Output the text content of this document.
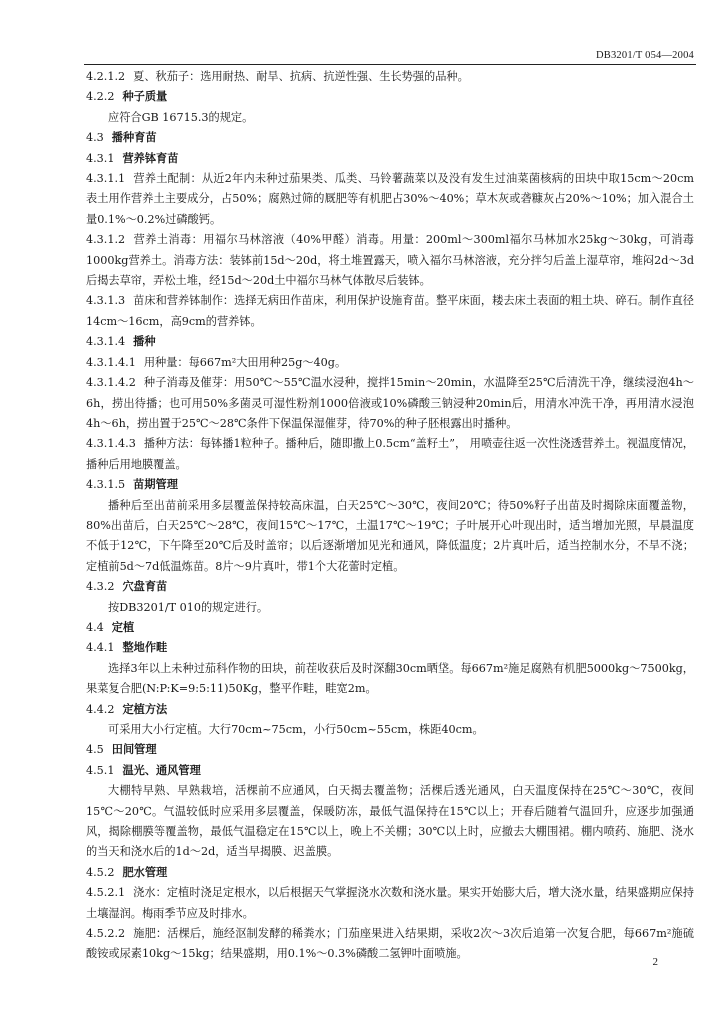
DB3201/T 054—2004

4.2.1.2 夏、秋茄子：选用耐热、耐旱、抗病、抗逆性强、生长势强的品种。

4.2.2 种子质量

应符合GB 16715.3的规定。

4.3 播种育苗

4.3.1 营养钵育苗

4.3.1.1 营养土配制：从近2年内未种过茄果类、瓜类、马铃薯蔬菜以及没有发生过油菜菌核病的田块中取15cm～20cm表土用作营养土主要成分，占50%；腐熟过筛的厩肥等有机肥占30%～40%；草木灰或砻糠灰占20%～10%；加入混合土量0.1%～0.2%过磷酸钙。

4.3.1.2 营养土消毒：用福尔马林溶液（40%甲醛）消毒。用量：200ml～300ml福尔马林加水25kg～30kg，可消毒1000kg营养土。消毒方法：装钵前15d～20d，将土堆置露天，喷入福尔马林溶液，充分拌匀后盖上湿草帘，堆闷2d～3d后揭去草帘，弄松土堆，经15d～20d土中福尔马林气体散尽后装钵。

4.3.1.3 苗床和营养钵制作：选择无病田作苗床，利用保护设施育苗。整平床面，耧去床土表面的粗土块、碎石。制作直径14cm～16cm，高9cm的营养钵。

4.3.1.4 播种

4.3.1.4.1 用种量：每667m²大田用种25g～40g。

4.3.1.4.2 种子消毒及催芽：用50℃～55℃温水浸种，搅拌15min～20min，水温降至25℃后清洗干净，继续浸泡4h～6h，捞出待播；也可用50%多菌灵可湿性粉剂1000倍液或10%磷酸三钠浸种20min后，用清水冲洗干净，再用清水浸泡4h～6h，捞出置于25℃～28℃条件下保温保湿催芽，待70%的种子胚根露出时播种。

4.3.1.4.3 播种方法：每钵播1粒种子。播种后，随即撒上0.5cm“盖籽土”， 用喷壶往返一次性浇透营养土。视温度情况，播种后用地膜覆盖。

4.3.1.5 苗期管理

播种后至出苗前采用多层覆盖保持较高床温，白天25℃～30℃，夜间20℃；待50%籽子出苗及时揭除床面覆盖物，80%出苗后，白天25℃～28℃，夜间15℃～17℃，土温17℃～19℃；子叶展开心叶现出时，适当增加光照，早晨温度不低于12℃，下午降至20℃后及时盖帘；以后逐渐增加见光和通风，降低温度；2片真叶后，适当控制水分，不旱不浇；定植前5d～7d低温炼苗。8片～9片真叶，带1个大花蕾时定植。

4.3.2 穴盘育苗

按DB3201/T 010的规定进行。

4.4 定植

4.4.1 整地作畦

选择3年以上未种过茄科作物的田块，前茬收获后及时深翻30cm晒垡。每667m²施足腐熟有机肥5000kg～7500kg，果菜复合肥(N:P:K=9:5:11)50Kg，整平作畦，畦宽2m。

4.4.2 定植方法

可采用大小行定植。大行70cm~75cm，小行50cm~55cm，株距40cm。

4.5 田间管理

4.5.1 温光、通风管理

大棚特早熟、早熟栽培，活棵前不应通风，白天揭去覆盖物；活棵后透光通风，白天温度保持在25℃～30℃，夜间15℃～20℃。气温较低时应采用多层覆盖，保暖防冻，最低气温保持在15℃以上；开春后随着气温回升，应逐步加强通风，揭除棚膜等覆盖物，最低气温稳定在15℃以上，晚上不关棚；30℃以上时，应撤去大棚围裙。棚内喷药、施肥、浇水的当天和浇水后的1d～2d，适当早揭膜、迟盖膜。

4.5.2 肥水管理

4.5.2.1 浇水：定植时浇足定根水，以后根据天气掌握浇水次数和浇水量。果实开始膨大后，增大浇水量，结果盛期应保持土壤湿润。梅雨季节应及时排水。

4.5.2.2 施肥：活棵后，施经沤制发酵的稀粪水；门茄座果进入结果期，采收2次～3次后追第一次复合肥，每667m²施硫酸铵或尿素10kg～15kg；结果盛期，用0.1%～0.3%磷酸二氢钾叶面喷施。

2
